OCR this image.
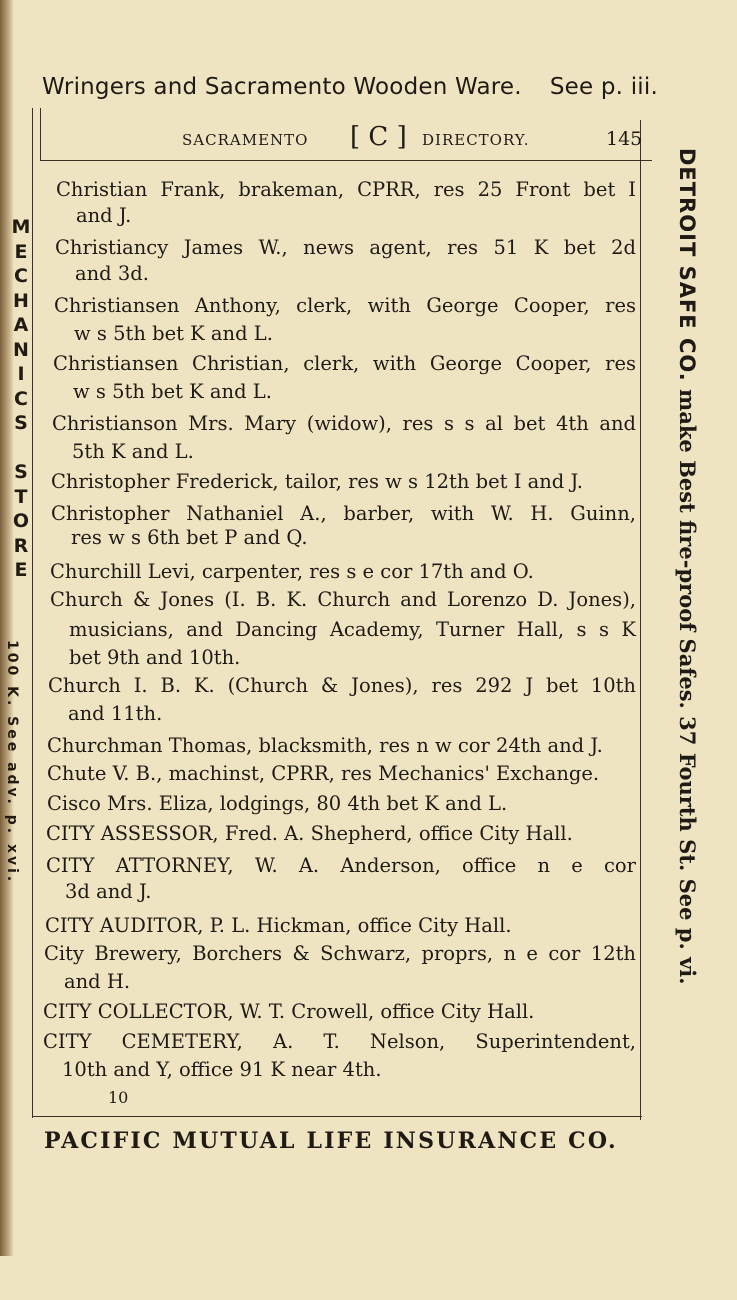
Wringers and Sacramento Wooden Ware. See p. iii.
SACRAMENTO [ C ] DIRECTORY.	145
Christian Frank, brakeman, CPRR, res 25 Front bet I
and J.
Christiancy James W., news agent, res 51 K bet 2d
and 3d.
Christiansen Anthony, clerk, with George Cooper, res
w s 5th bet K and L.
Christiansen Christian, clerk, with George Cooper, res
w s 5th bet K and L.
Christianson Mrs. Mary (widow), res s s al bet 4th and
5th K and L.
Christopher Frederick, tailor, res w s 12th bet I and J.
Christopher Nathaniel A., barber, with W. H. Guinn,
res w s 6th bet P and Q.
Churchill Levi, carpenter, res s e cor 17th and O.
Church & Jones (I. B. K. Church and Lorenzo D. Jones),
musicians, and Dancing Academy, Turner Hall, s s K
bet 9th and 10th.
Church I. B. K. (Church & Jones), res 292 J bet 10th
and 11th.
Churchman Thomas, blacksmith, res n w cor 24th and J.
Chute V. B., machinst, CPRR, res Mechanics' Exchange.
Cisco Mrs. Eliza, lodgings, 80 4th bet K and L.
CITY ASSESSOR, Fred. A. Shepherd, office City Hall.
CITY ATTORNEY, W. A. Anderson, office n e cor
3d and J.
CITY AUDITOR, P. L. Hickman, office City Hall.
City Brewery, Borchers & Schwarz, proprs, n e cor 12th
and H.
CITY COLLECTOR, W. T. Crowell, office City Hall.
CITY CEMETERY, A. T. Nelson, Superintendent,
10th and Y, office 91 K near 4th.
10
PACIFIC MUTUAL LIFE INSURANCE CO.
M
E
C
H
A
N
I
C
S

S
T
O
R
E
100 K. See adv. p. xvi.
DETROIT SAFE CO. make Best fire-proof Safes. 37 Fourth St. See p. vi.
